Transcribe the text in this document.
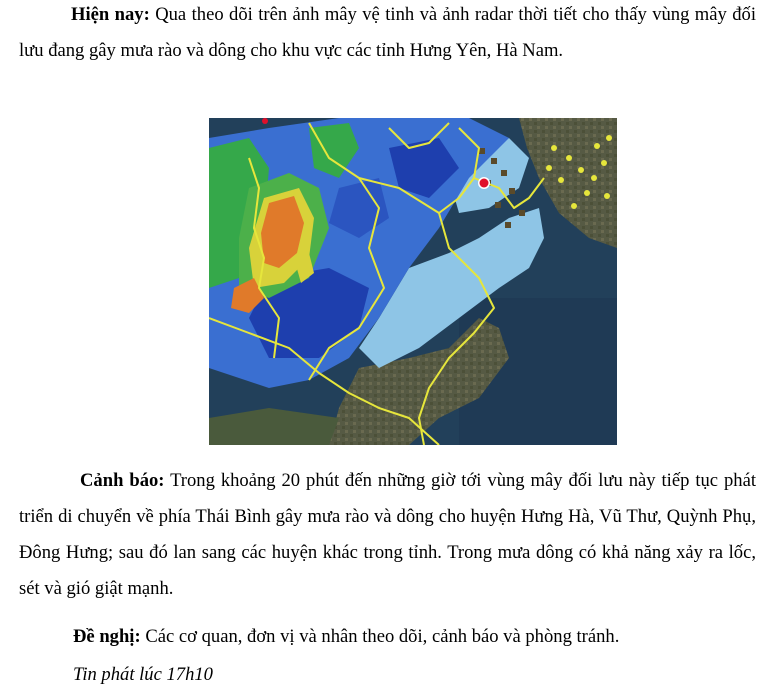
Hiện nay: Qua theo dõi trên ảnh mây vệ tinh và ảnh radar thời tiết cho thấy vùng mây đối lưu đang gây mưa rào và dông cho khu vực các tỉnh Hưng Yên, Hà Nam.
Cảnh báo: Trong khoảng 20 phút đến những giờ tới vùng mây đối lưu này tiếp tục phát triển di chuyển về phía Thái Bình gây mưa rào và dông cho huyện Hưng Hà, Vũ Thư, Quỳnh Phụ, Đông Hưng; sau đó lan sang các huyện khác trong tỉnh. Trong mưa dông có khả năng xảy ra lốc, sét và gió giật mạnh.
Đề nghị: Các cơ quan, đơn vị và nhân theo dõi, cảnh báo và phòng tránh.
Tin phát lúc 17h10
